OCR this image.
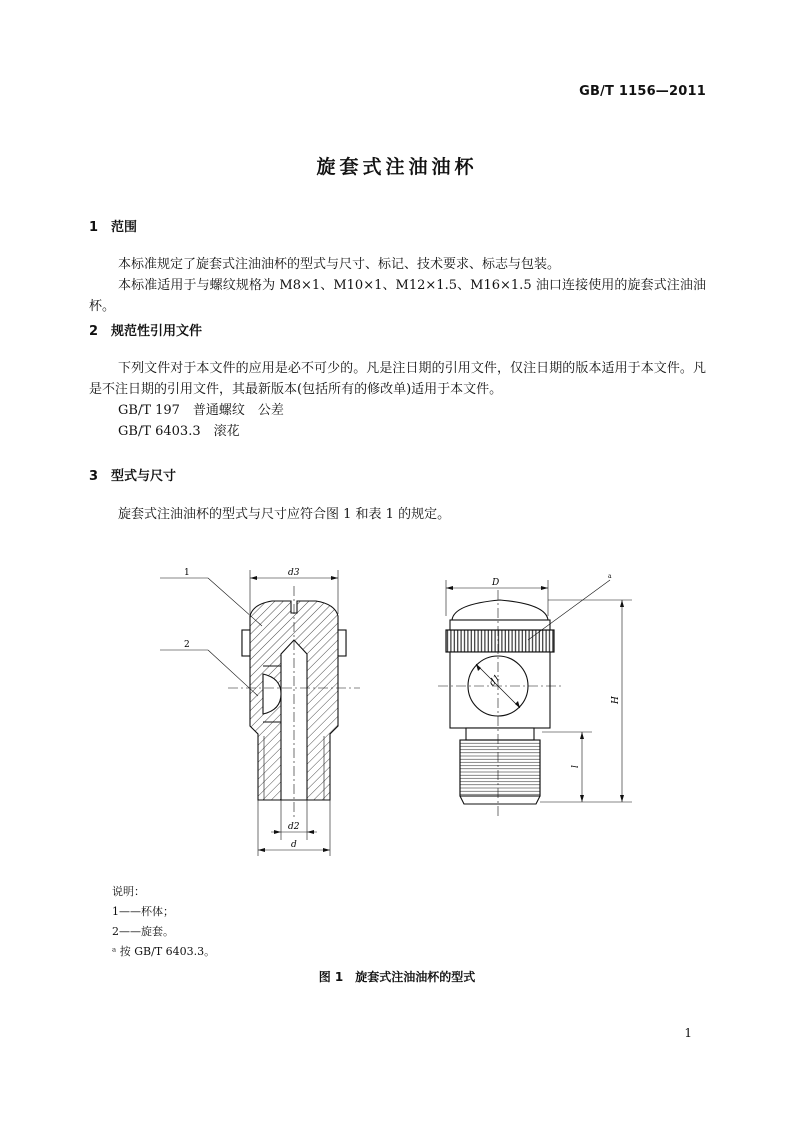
GB/T 1156—2011
旋套式注油油杯
1 范围

本标准规定了旋套式注油油杯的型式与尺寸、标记、技术要求、标志与包装。

本标准适用于与螺纹规格为 M8×1、M10×1、M12×1.5、M16×1.5 油口连接使用的旋套式注油油杯。

2 规范性引用文件

下列文件对于本文件的应用是必不可少的。凡是注日期的引用文件，仅注日期的版本适用于本文件。凡是不注日期的引用文件，其最新版本(包括所有的修改单)适用于本文件。

GB/T 197　普通螺纹　公差

GB/T 6403.3　滚花

3 型式与尺寸

旋套式注油油杯的型式与尺寸应符合图 1 和表 1 的规定。

1
2
d3
d2
d
D
d1
H
l
a
说明：
1——杯体；
2——旋套。
ᵃ 按 GB/T 6403.3。
图 1　旋套式注油油杯的型式
1
